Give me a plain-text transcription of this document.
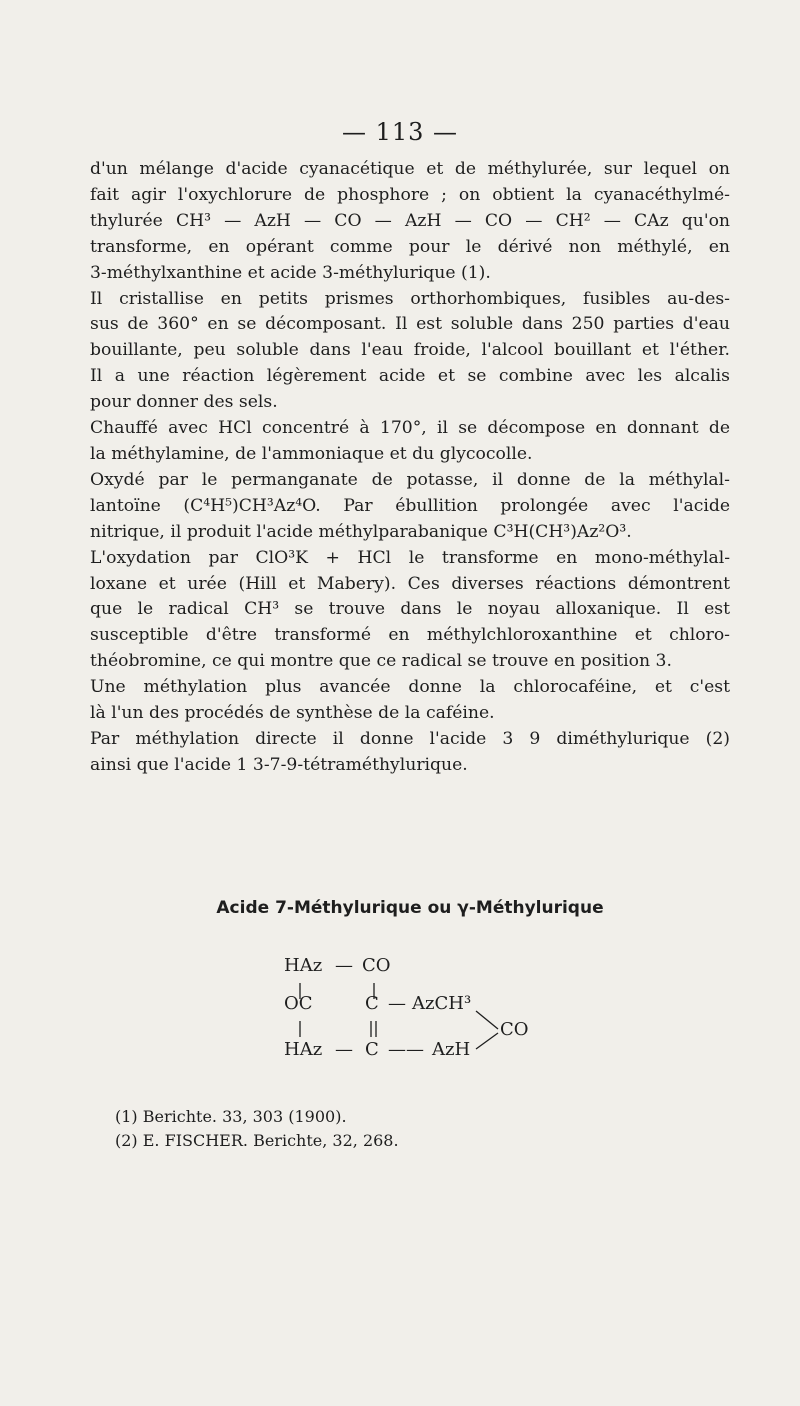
— 113 —
d'un mélange d'acide cyanacétique et de méthylurée, sur lequel on
fait agir l'oxychlorure de phosphore ; on obtient la cyanacéthylmé-
thylurée CH³ — AzH — CO — AzH — CO — CH² — CAz qu'on
transforme, en opérant comme pour le dérivé non méthylé, en
3-méthylxanthine et acide 3-méthylurique (1).
Il cristallise en petits prismes orthorhombiques, fusibles au-des-
sus de 360° en se décomposant. Il est soluble dans 250 parties d'eau
bouillante, peu soluble dans l'eau froide, l'alcool bouillant et l'éther.
Il a une réaction légèrement acide et se combine avec les alcalis
pour donner des sels.
Chauffé avec HCl concentré à 170°, il se décompose en donnant de
la méthylamine, de l'ammoniaque et du glycocolle.
Oxydé par le permanganate de potasse, il donne de la méthylal-
lantoïne (C⁴H⁵)CH³Az⁴O. Par ébullition prolongée avec l'acide
nitrique, il produit l'acide méthylparabanique C³H(CH³)Az²O³.
L'oxydation par ClO³K + HCl le transforme en mono-méthylal-
loxane et urée (Hill et Mabery). Ces diverses réactions démontrent
que le radical CH³ se trouve dans le noyau alloxanique. Il est
susceptible d'être transformé en méthylchloroxanthine et chloro-
théobromine, ce qui montre que ce radical se trouve en position 3.
Une méthylation plus avancée donne la chlorocaféine, et c'est
là l'un des procédés de synthèse de la caféine.
Par méthylation directe il donne l'acide 3 9 diméthylurique (2)
ainsi que l'acide 1 3-7-9-tétraméthylurique.
Acide 7-Méthylurique ou γ-Méthylurique
HAz — CO
OC	C — AzCH³
CO
HAz — C —— AzH
(1) Berichte. 33, 303 (1900).
(2) E. FISCHER. Berichte, 32, 268.
